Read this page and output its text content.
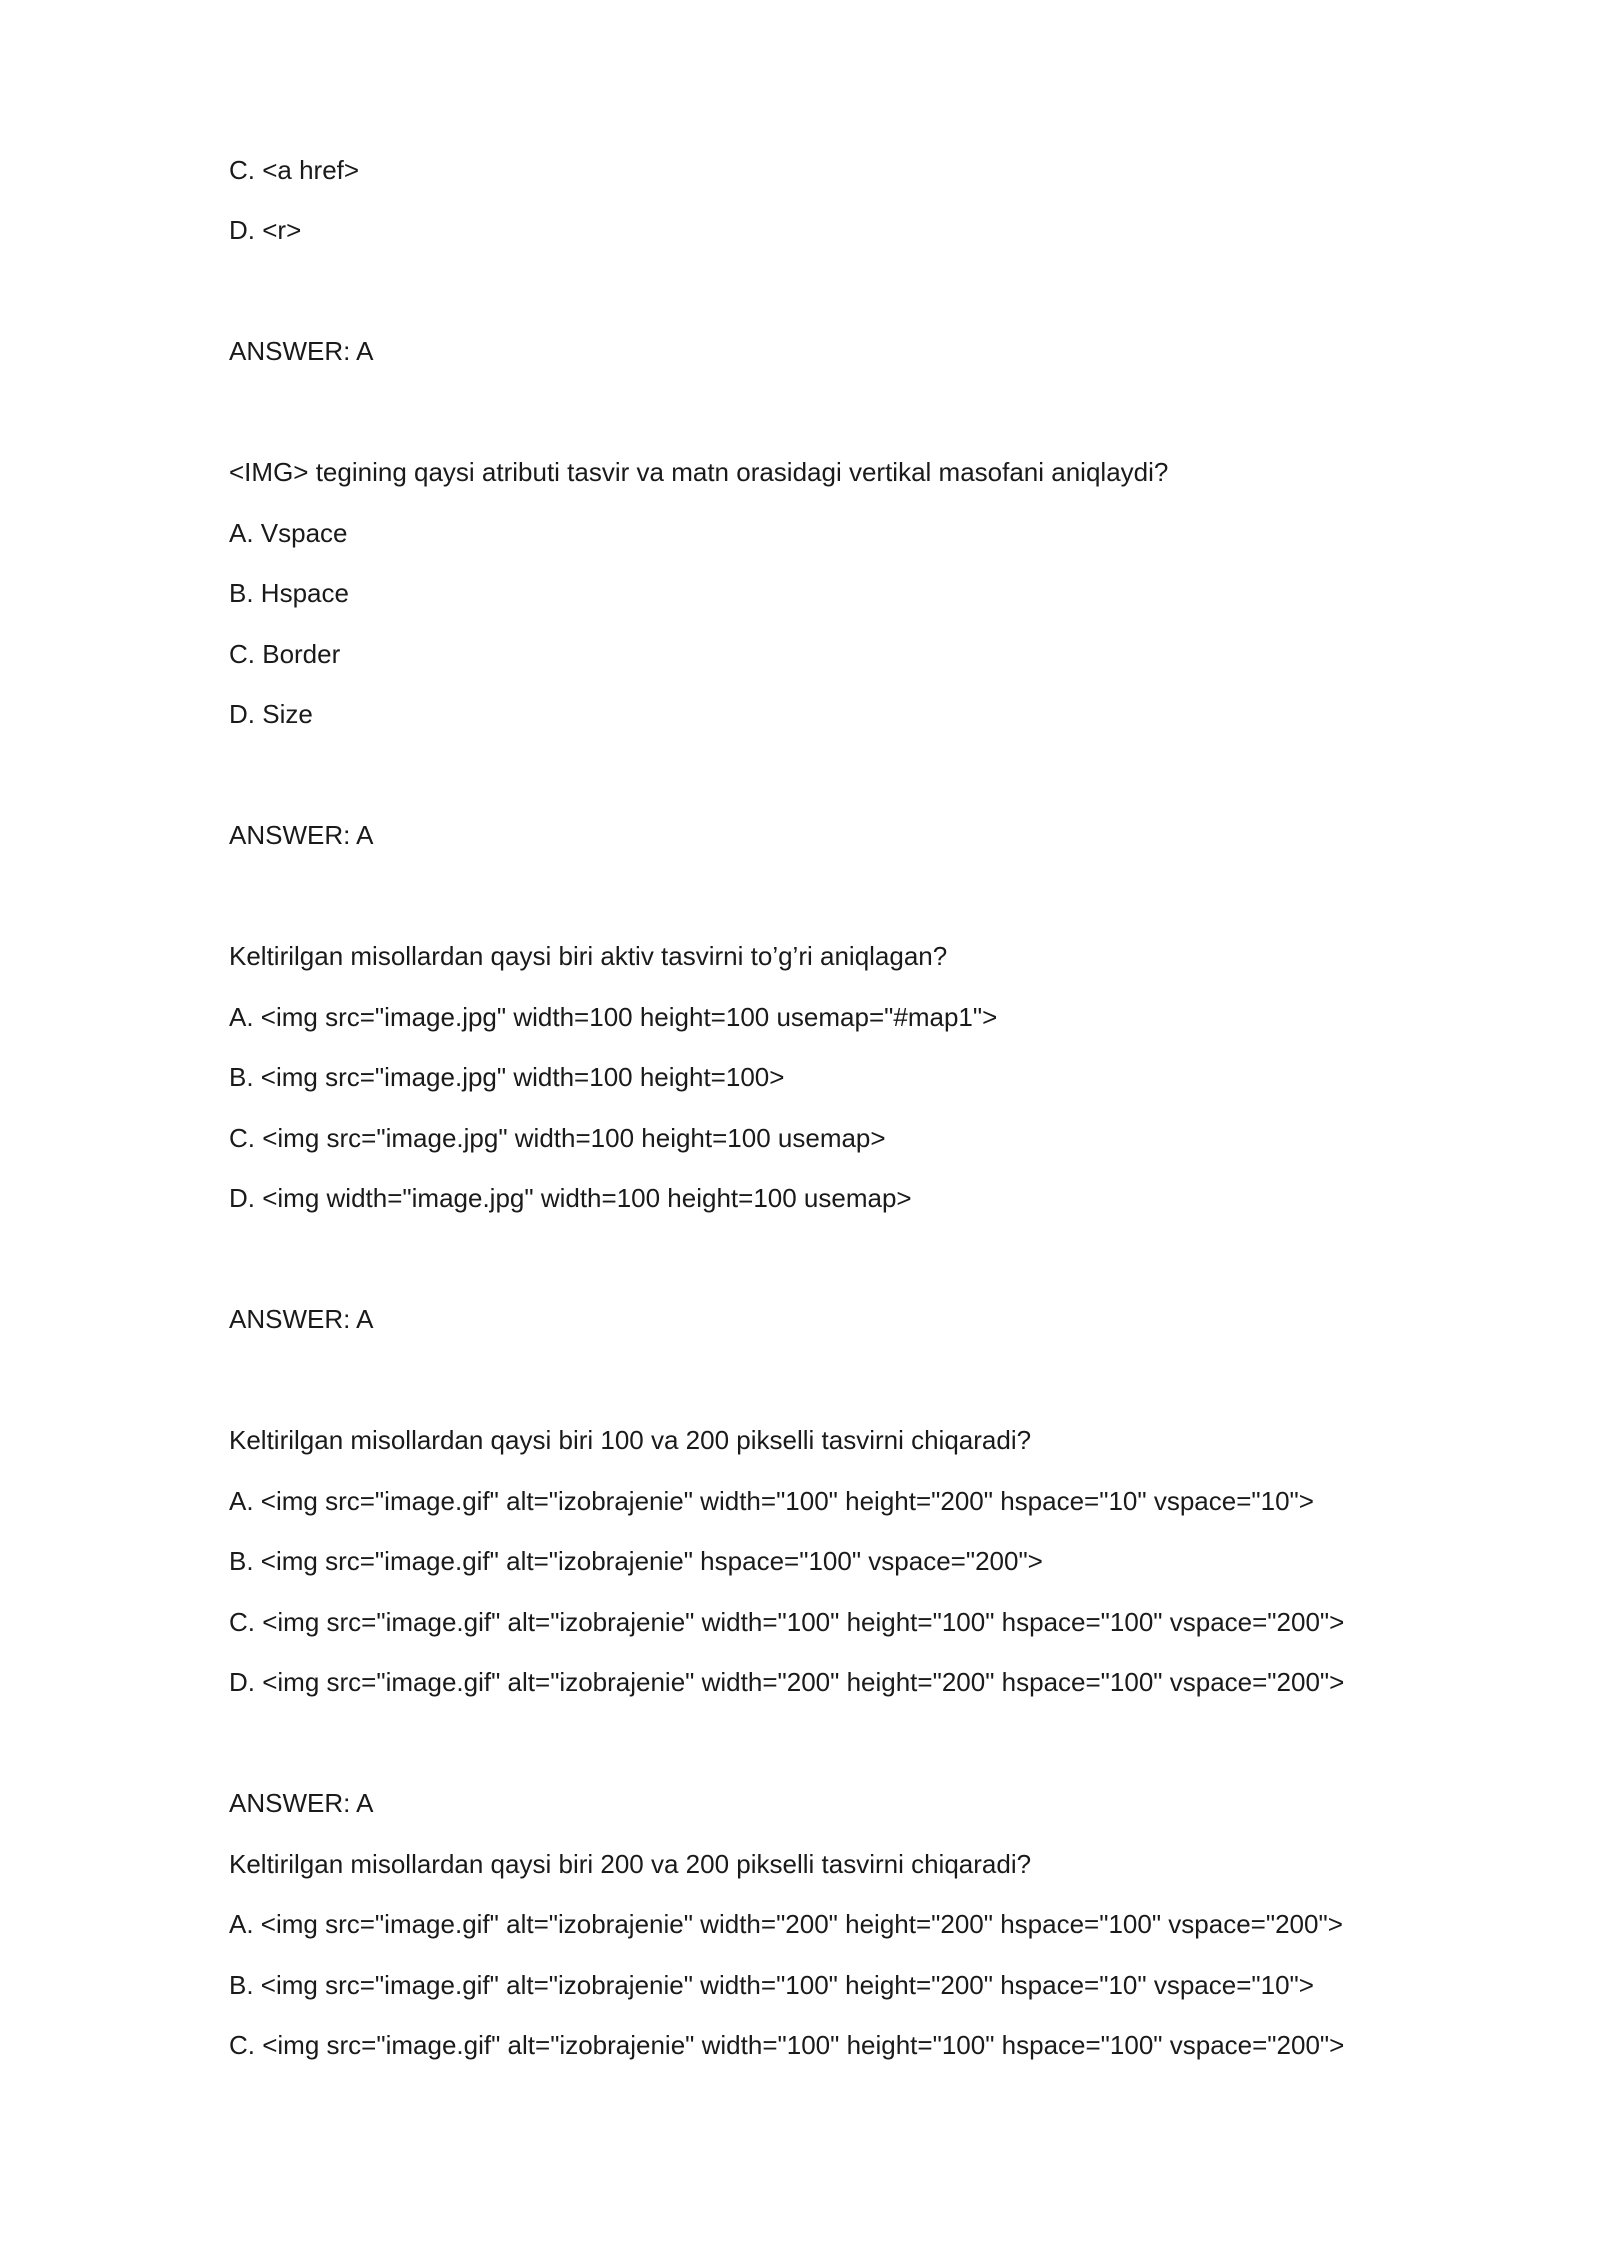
C. <a href>
D. <r>
ANSWER: A
<IMG> tegining qaysi atributi tasvir va matn orasidagi vertikal masofani aniqlaydi?
A. Vspace
B. Hspace
C. Border
D. Size
ANSWER: A
Keltirilgan misollardan qaysi biri aktiv tasvirni to’g’ri aniqlagan?
A. <img src="image.jpg" width=100 height=100 usemap="#map1">
B. <img src="image.jpg" width=100 height=100>
C. <img src="image.jpg" width=100 height=100 usemap>
D. <img width="image.jpg" width=100 height=100 usemap>
ANSWER: A
Keltirilgan misollardan qaysi biri 100 va 200 pikselli tasvirni chiqaradi?
A. <img src="image.gif" alt="izobrajenie" width="100" height="200" hspace="10" vspace="10">
B. <img src="image.gif" alt="izobrajenie" hspace="100" vspace="200">
C. <img src="image.gif" alt="izobrajenie" width="100" height="100" hspace="100" vspace="200">
D. <img src="image.gif" alt="izobrajenie" width="200" height="200" hspace="100" vspace="200">
ANSWER: A
Keltirilgan misollardan qaysi biri 200 va 200 pikselli tasvirni chiqaradi?
A. <img src="image.gif" alt="izobrajenie" width="200" height="200" hspace="100" vspace="200">
B. <img src="image.gif" alt="izobrajenie" width="100" height="200" hspace="10" vspace="10">
C. <img src="image.gif" alt="izobrajenie" width="100" height="100" hspace="100" vspace="200">
